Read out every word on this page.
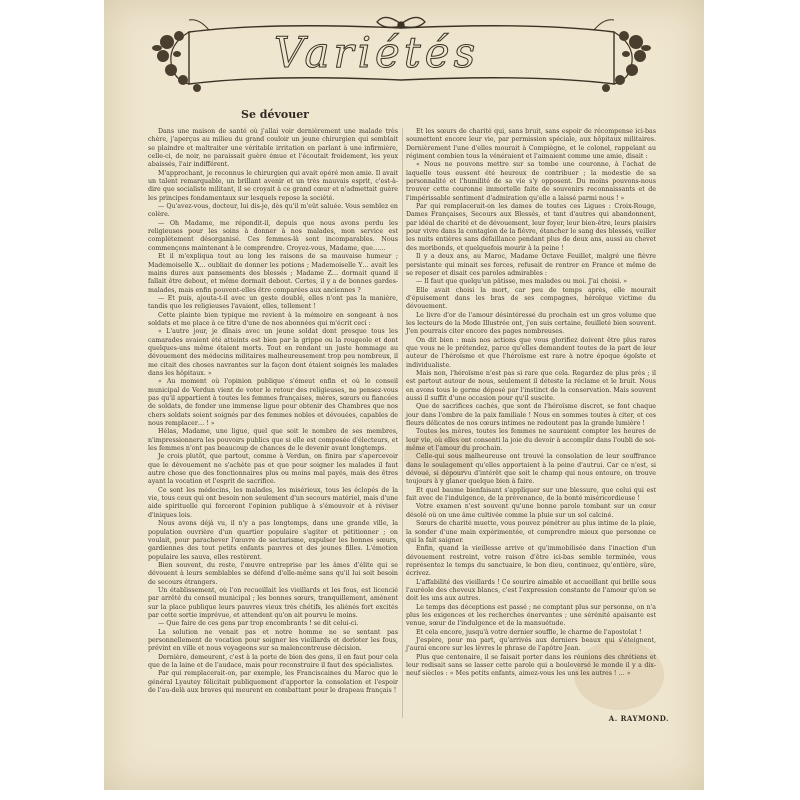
Variétés
Se dévouer

Dans une maison de santé où j'allai voir dernièrement une malade très chère, j'aperçus au milieu du grand couloir un jeune chirurgien qui semblait se plaindre et maltraiter une véritable irritation en parlant à une infirmière, celle-ci, de noir, ne paraissait guère émue et l'écoutait froidement, les yeux abaissés, l'air indifférent.

M'approchant, je reconnus le chirurgien qui avait opéré mon amie. Il avait un talent remarquable, un brillant avenir et un très mauvais esprit, c'est-à-dire que socialiste militant, il se croyait à ce grand cœur et n'admettait guère les principes fondamentaux sur lesquels repose la société.

— Qu'avez-vous, docteur, lui dis-je, dès qu'il m'eût saluée. Vous semblez en colère.

— Oh Madame, me répondit-il, depuis que nous avons perdu les religieuses pour les soins à donner à nos malades, mon service est complètement désorganisé. Ces femmes-là sont incomparables. Nous commençons maintenant à le comprendre. Croyez-vous, Madame, que……

Et il m'expliqua tout au long les raisons de sa mauvaise humeur ; Mademoiselle X… oubliait de donner les potions ; Mademoiselle Y… avait les mains dures aux pansements des blessés ; Madame Z… dormait quand il fallait être debout, et même dormait debout. Certes, il y a de bonnes gardes-malades, mais enfin pouvent-elles être comparées aux anciennes ?

— Et puis, ajouta-t-il avec un geste doublé, elles n'ont pas la manière, tandis que les religieuses l'avaient, elles, tellement !

Cette plainte bien typique me revient à la mémoire en songeant à nos soldats et me place à ce titre d'une de nos abonnées qui m'écrit ceci :

« L'autre jour, je dînais avec un jeune soldat dont presque tous les camarades avaient été atteints est bien par la grippe ou la rougeole et dont quelques-uns même étaient morts. Tout en rendant un juste hommage au dévouement des médecins militaires malheureusement trop peu nombreux, il me citait des choses navrantes sur la façon dont étaient soignés les malades dans les hôpitaux. »

« Au moment où l'opinion publique s'émeut enfin et où le conseil municipal de Verdun vient de voter le retour des religieuses, ne pensez-vous pas qu'il appartient à toutes les femmes françaises, mères, sœurs ou fiancées de soldats, de fonder une immense ligue pour obtenir des Chambres que nos chers soldats soient soignés par des femmes nobles et dévouées, capables de nous remplacer… ! »

Hélas, Madame, une ligue, quel que soit le nombre de ses membres, n'impressionnera les pouvoirs publics que si elle est composée d'électeurs, et les femmes n'ont pas beaucoup de chances de le devenir avant longtemps.

Je crois plutôt, que partout, comme à Verdun, on finira par s'apercevoir que le dévouement ne s'achète pas et que pour soigner les malades il faut autre chose que des fonctionnaires plus ou moins mal payés, mais des êtres ayant la vocation et l'esprit de sacrifice.

Ce sont les médecins, les malades, les misérieux, tous les éclopés de la vie, tous ceux qui ont besoin non seulement d'un secours matériel, mais d'une aide spirituelle qui forceront l'opinion publique à s'émouvoir et à réviser d'iniques lois.

Nous avons déjà vu, il n'y a pas longtemps, dans une grande ville, la population ouvrière d'un quartier populaire s'agiter et pétitionner ; on voulait, pour parachever l'œuvre de sectarisme, expulser les bonnes sœurs, gardiennes des tout petits enfants pauvres et des jeunes filles. L'émotion populaire les sauva, elles restèrent.

Bien souvent, du reste, l'œuvre entreprise par les âmes d'élite qui se dévouent à leurs semblables se défend d'elle-même sans qu'il lui soit besoin de secours étrangers.

Un établissement, où l'on recueillait les vieillards et les fous, est licencié par arrêté du conseil municipal ; les bonnes sœurs, tranquillement, amènent sur la place publique leurs pauvres vieux très chétifs, les aliénés fort excités par cette sortie imprévue, et attendent qu'on ait pourvu le moins.

— Que faire de ces gens par trop encombrants ! se dit celui-ci.

La solution ne venait pas et notre homme ne se sentant pas personnellement de vocation pour soigner les vieillards et dorloter les fous, prévint en ville et nous voyageons sur sa malencontreuse décision.

Dernière, demeurent, c'est à la porte de bien des gens, il en faut pour cela que de la laine et de l'audace, mais pour reconstruire il faut des spécialistes.

Par qui remplacerait-on, par exemple, les Franciscaines du Maroc que le général Lyautey félicitait publiquement d'apporter la consolation et l'espoir de l'au-delà aux braves qui meurent en combattant pour le drapeau français !

Et les sœurs de charité qui, sans bruit, sans espoir de récompense ici-bas soumettent encore leur vie, par permission spéciale, aux hôpitaux militaires. Dernièrement l'une d'elles mourait à Compiègne, et le colonel, rappelant au régiment combien tous la vénéraient et l'aimaient comme une amie, disait :

« Nous ne pouvons mettre sur sa tombe une couronne, à l'achat de laquelle tous eussent été heureux de contribuer ; la modestie de sa personnalité et l'humilité de sa vie s'y opposent. Du moins pouvons-nous trouver cette couronne immortelle faite de souvenirs reconnaissants et de l'impérissable sentiment d'admiration qu'elle a laissé parmi nous ! »

Par qui remplacerait-on les dames de toutes ces Ligues : Croix-Rouge, Dames Françaises, Secours aux Blessés, et tant d'autres qui abandonnent, par idéal de charité et de dévouement, leur foyer, leur bien-être, leurs plaisirs pour vivre dans la contagion de la fièvre, étancher le sang des blessés, veiller les nuits entières sans défaillance pendant plus de deux ans, aussi au chevet des moribonds, et quelquefois mourir à la peine !

Il y a deux ans, au Maroc, Madame Octave Feuillet, malgré une fièvre persistante qui minait ses forces, refusait de rentrer en France et même de se reposer et disait ces paroles admirables :

— Il faut que quelqu'un pâtisse, mes malades ou moi. J'ai choisi. »

Elle avait choisi la mort, car peu de temps après, elle mourait d'épuisement dans les bras de ses compagnes, héroïque victime du dévouement.

Le livre d'or de l'amour désintéressé du prochain est un gros volume que les lecteurs de la Mode Illustrée ont, j'en suis certaine, feuilleté bien souvent. J'en pourrais citer encore des pages nombreuses.

On dit bien : mais nos actions que vous glorifiez doivent être plus rares que vous ne le prétendez, parce qu'elles demandent toutes de la part de leur auteur de l'héroïsme et que l'héroïsme est rare à notre époque égoïste et individualiste.

Mais non, l'héroïsme n'est pas si rare que cela. Regardez de plus près ; il est partout autour de nous, seulement il déteste la réclame et le bruit. Nous en avons tous le germe déposé par l'instinct de la conservation. Mais souvent aussi il suffit d'une occasion pour qu'il suscite.

Que de sacrifices cachés, que sont de l'héroïsme discret, se font chaque jour dans l'ombre de la paix familiale ! Nous en sommes toutes à citer, et ces fleurs délicates de nos cœurs intimes ne redoutent pas la grande lumière !

Toutes les mères, toutes les femmes ne sauraient compter les heures de leur vie, où elles ont consenti la joie du devoir à accomplir dans l'oubli de soi-même et l'amour du prochain.

Celle-qui sous malheureuse ont trouvé la consolation de leur souffrance dans le soulagement qu'elles apportaient à la peine d'autrui. Car ce n'est, si dévoué, si dépourvu d'intérêt que soit le champ qui nous entoure, on trouve toujours à y glaner quelque bien à faire.

Et quel baume bienfaisant s'appliquer sur une blessure, que celui qui est fait avec de l'indulgence, de la prévenance, de la bonté miséricordieuse !

Votre examen n'est souvent qu'une bonne parole tombant sur un cœur désolé où on une âme cultivée comme la pluie sur un sol calciné.

Sœurs de charité muette, vous pouvez pénétrer au plus intime de la plaie, la sonder d'une main expérimentée, et comprendre mieux que personne ce qui la fait saigner.

Enfin, quand la vieillesse arrive et qu'immobilisée dans l'inaction d'un dévouement restreint, votre raison d'être ici-bas semble terminée, vous représentez le temps du sanctuaire, le bon dieu, continuez, qu'entière, sûre, écrivez.

L'affabilité des vieillards ! Ce sourire aimable et accueillant qui brille sous l'auréole des cheveux blancs, c'est l'expression constante de l'amour qu'on se doit les uns aux autres.

Le temps des déceptions est passé ; ne comptant plus sur personne, on n'a plus les exigences et les recherches énervantes ; une sérénité apaisante est venue, sœur de l'indulgence et de la mansuétude.

Et cela encore, jusqu'à votre dernier souffle, le charme de l'apostolat !

J'espère, pour ma part, qu'arrivés aux derniers beaux qui s'éteignent, j'aurai encore sur les lèvres le phrase de l'apôtre Jean.

Plus que centenaire, il se faisait porter dans les réunions des chrétiens et leur redisait sans se lasser cette parole qui a bouleversé le monde il y a dix-neuf siècles : « Mes petits enfants, aimez-vous les uns les autres ! … »

A. RAYMOND.
